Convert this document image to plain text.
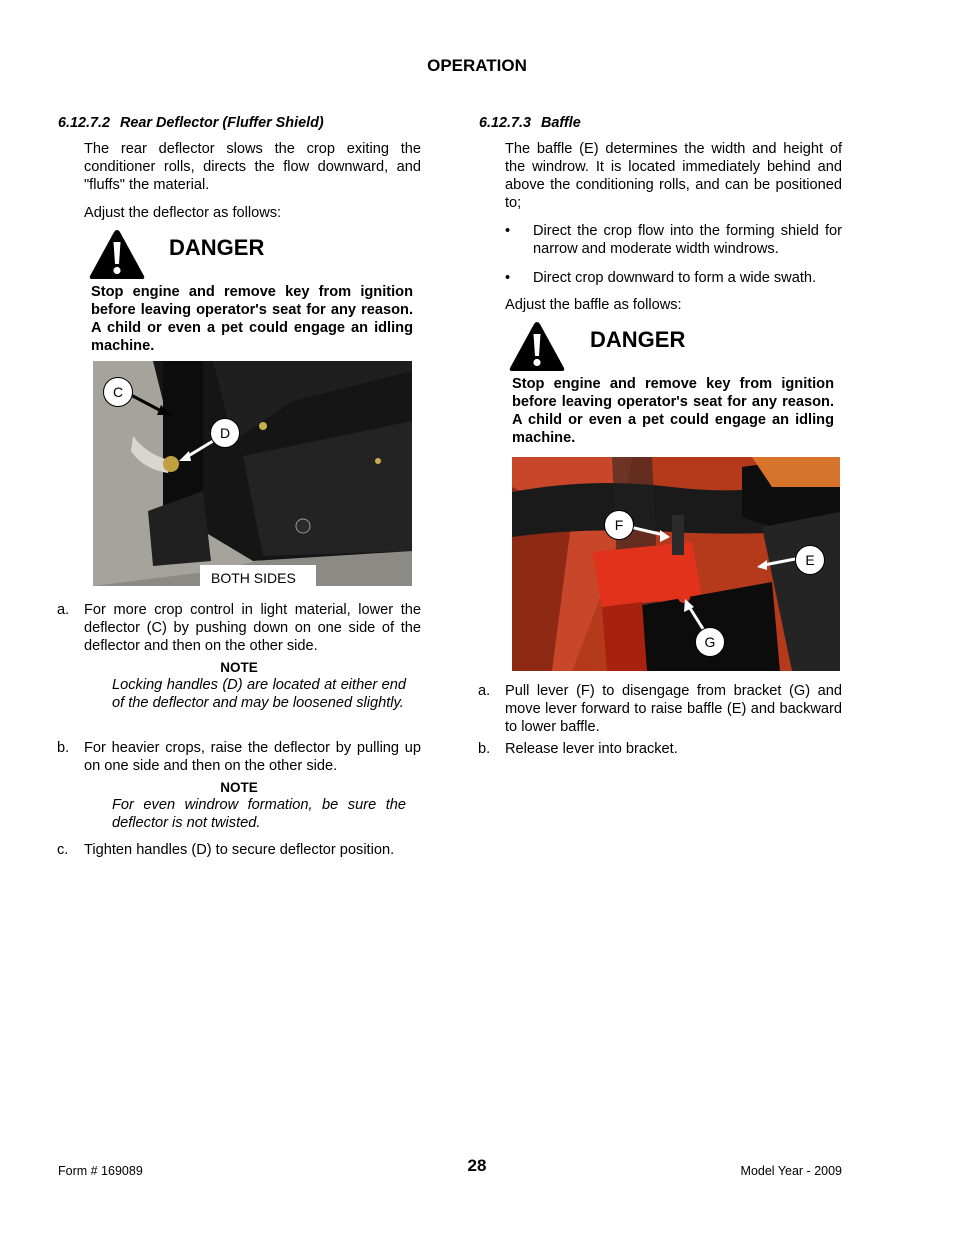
OPERATION
6.12.7.2 Rear Deflector (Fluffer Shield)

The rear deflector slows the crop exiting the conditioner rolls, directs the flow downward, and "fluffs" the material.

Adjust the deflector as follows:

DANGER

Stop engine and remove key from ignition before leaving operator's seat for any reason. A child or even a pet could engage an idling machine.

C
D
BOTH SIDES
a.	For more crop control in light material, lower the deflector (C) by pushing down on one side of the deflector and then on the other side.

NOTE

Locking handles (D) are located at either end of the deflector and may be loosened slightly.

b.	For heavier crops, raise the deflector by pulling up on one side and then on the other side.

NOTE

For even windrow formation, be sure the deflector is not twisted.

c.	Tighten handles (D) to secure deflector position.

6.12.7.3 Baffle

The baffle (E) determines the width and height of the windrow. It is located immediately behind and above the conditioning rolls, and can be positioned to;

•	Direct the crop flow into the forming shield for narrow and moderate width windrows.

•	Direct crop downward to form a wide swath.

Adjust the baffle as follows:

DANGER

Stop engine and remove key from ignition before leaving operator's seat for any reason. A child or even a pet could engage an idling machine.

F
E
G
a.	Pull lever (F) to disengage from bracket (G) and move lever forward to raise baffle (E) and backward to lower baffle.

b.	Release lever into bracket.

Form # 169089	28	Model Year - 2009
